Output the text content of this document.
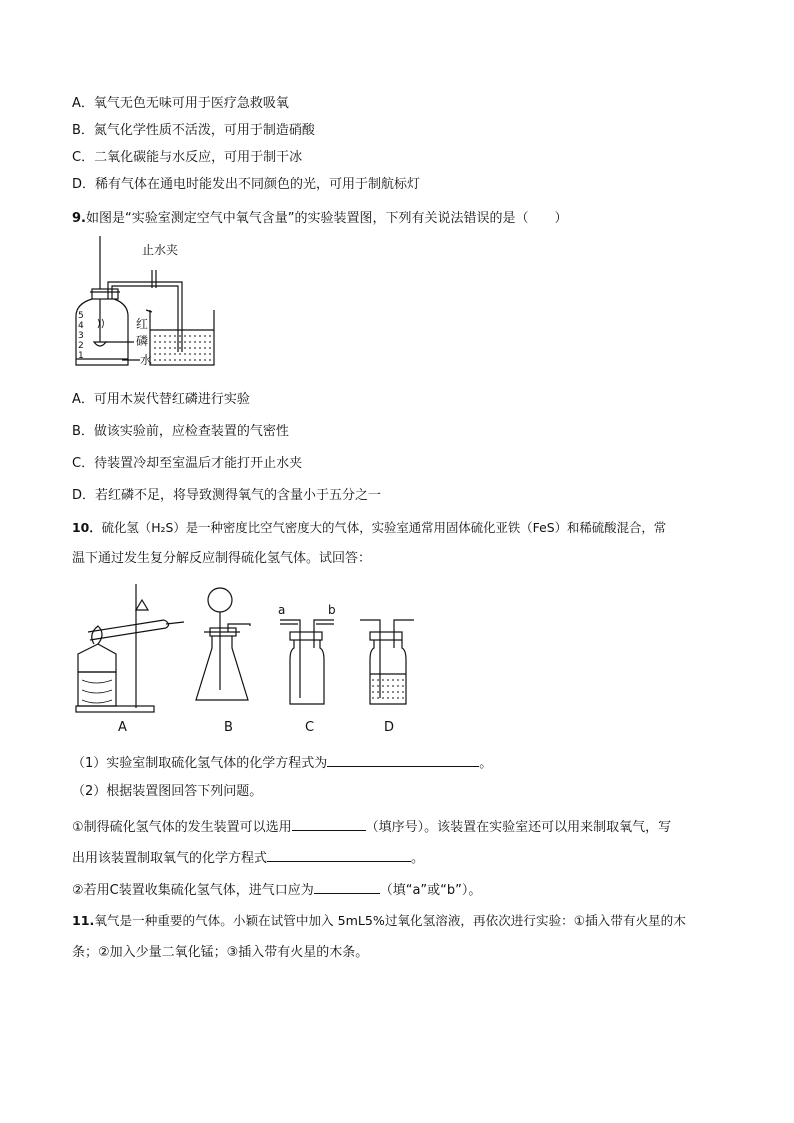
A．氧气无色无味可用于医疗急救吸氧
B．氮气化学性质不活泼，可用于制造硝酸
C．二氧化碳能与水反应，可用于制干冰
D．稀有气体在通电时能发出不同颜色的光，可用于制航标灯
9.如图是“实验室测定空气中氧气含量”的实验装置图，下列有关说法错误的是（　　）
5
4
3
2
1
止水夹
红
磷
水
A．可用木炭代替红磷进行实验
B．做该实验前，应检查装置的气密性
C．待装置冷却至室温后才能打开止水夹
D．若红磷不足，将导致测得氧气的含量小于五分之一
10．硫化氢（H₂S）是一种密度比空气密度大的气体，实验室通常用固体硫化亚铁（FeS）和稀硫酸混合，常
温下通过发生复分解反应制得硫化氢气体。试回答：
a	b
A	B	C	D
（1）实验室制取硫化氢气体的化学方程式为	。
（2）根据装置图回答下列问题。
①制得硫化氢气体的发生装置可以选用	（填序号）。该装置在实验室还可以用来制取氧气，写
出用该装置制取氧气的化学方程式	。
②若用C装置收集硫化氢气体，进气口应为	（填“a”或“b”）。
11.氧气是一种重要的气体。小颖在试管中加入 5mL5%过氧化氢溶液，再依次进行实验：①插入带有火星的木
条；②加入少量二氧化锰；③插入带有火星的木条。
